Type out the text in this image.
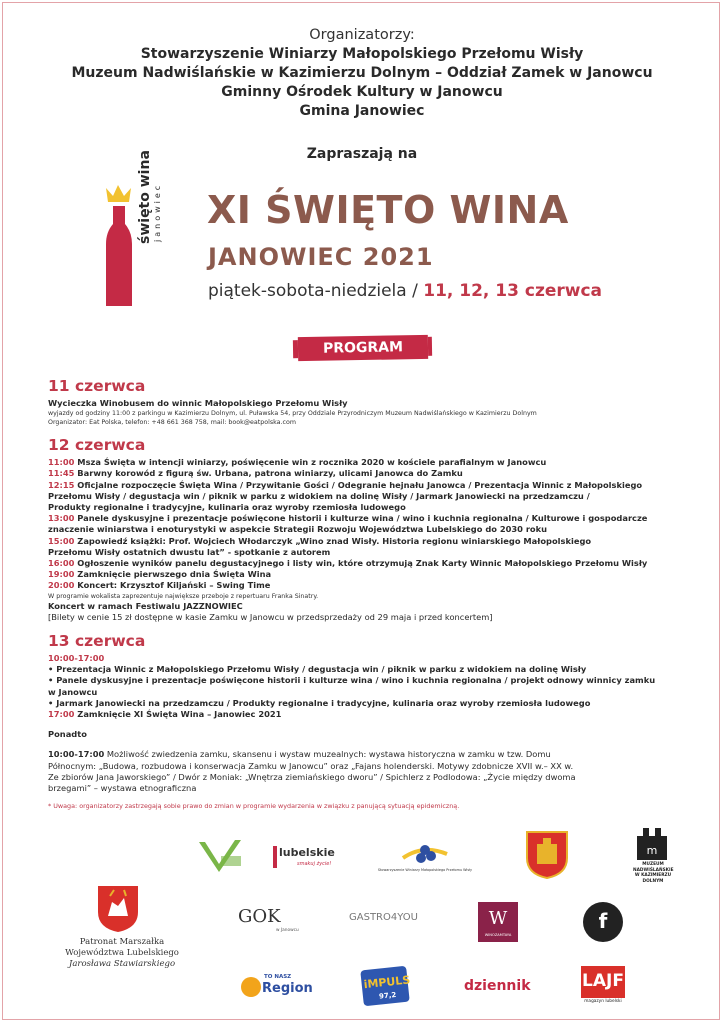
Organizatorzy:
Stowarzyszenie Winiarzy Małopolskiego Przełomu Wisły
Muzeum Nadwiślańskie w Kazimierzu Dolnym – Oddział Zamek w Janowcu
Gminny Ośrodek Kultury w Janowcu
Gmina Janowiec
Zapraszają na
święto wina janowiec XI ŚWIĘTO WINA
JANOWIEC 2021
piątek-sobota-niedziela / 11, 12, 13 czerwca
PROGRAM
11 czerwca
Wycieczka Winobusem do winnic Małopolskiego Przełomu Wisły
wyjazdy od godziny 11:00 z parkingu w Kazimierzu Dolnym, ul. Puławska 54, przy Oddziale Przyrodniczym Muzeum Nadwiślańskiego w Kazimierzu Dolnym
Organizator: Eat Polska, telefon: +48 661 368 758, mail: book@eatpolska.com
12 czerwca
11:00 Msza Święta w intencji winiarzy, poświęcenie win z rocznika 2020 w kościele parafialnym w Janowcu
11:45 Barwny korowód z figurą św. Urbana, patrona winiarzy, ulicami Janowca do Zamku
12:15 Oficjalne rozpoczęcie Święta Wina / Przywitanie Gości / Odegranie hejnału Janowca / Prezentacja Winnic z Małopolskiego
Przełomu Wisły / degustacja win / piknik w parku z widokiem na dolinę Wisły / Jarmark Janowiecki na przedzamczu /
Produkty regionalne i tradycyjne, kulinaria oraz wyroby rzemiosła ludowego
13:00 Panele dyskusyjne i prezentacje poświęcone historii i kulturze wina / wino i kuchnia regionalna / Kulturowe i gospodarcze
znaczenie winiarstwa i enoturystyki w aspekcie Strategii Rozwoju Województwa Lubelskiego do 2030 roku
15:00 Zapowiedź książki: Prof. Wojciech Włodarczyk „Wino znad Wisły. Historia regionu winiarskiego Małopolskiego
Przełomu Wisły ostatnich dwustu lat” - spotkanie z autorem
16:00 Ogłoszenie wyników panelu degustacyjnego i listy win, które otrzymują Znak Karty Winnic Małopolskiego Przełomu Wisły
19:00 Zamknięcie pierwszego dnia Święta Wina
20:00 Koncert: Krzysztof Kiljański – Swing Time
W programie wokalista zaprezentuje największe przeboje z repertuaru Franka Sinatry.
Koncert w ramach Festiwalu JAZZNOWIEC
[Bilety w cenie 15 zł dostępne w kasie Zamku w Janowcu w przedsprzedaży od 29 maja i przed koncertem]
13 czerwca
10:00-17:00
• Prezentacja Winnic z Małopolskiego Przełomu Wisły / degustacja win / piknik w parku z widokiem na dolinę Wisły
• Panele dyskusyjne i prezentacje poświęcone historii i kulturze wina / wino i kuchnia regionalna / projekt odnowy winnicy zamku
w Janowcu
• Jarmark Janowiecki na przedzamczu / Produkty regionalne i tradycyjne, kulinaria oraz wyroby rzemiosła ludowego
17:00 Zamknięcie XI Święta Wina – Janowiec 2021
Ponadto
10:00-17:00 Możliwość zwiedzenia zamku, skansenu i wystaw muzealnych: wystawa historyczna w zamku w tzw. Domu
Północnym: „Budowa, rozbudowa i konserwacja Zamku w Janowcu” oraz „Fajans holenderski. Motywy zdobnicze XVII w.– XX w.
Ze zbiorów Jana Jaworskiego” / Dwór z Moniak: „Wnętrza ziemiańskiego dworu” / Spichlerz z Podlodowa: „Życie między dwoma
brzegami” – wystawa etnograficzna
* Uwaga: organizatorzy zastrzegają sobie prawo do zmian w programie wydarzenia w związku z panującą sytuacją epidemiczną.
lubelskie
smakuj życie!
Stowarzyszenie Winiarzy Małopolskiego Przełomu Wisły
m
MUZEUM NADWIŚLAŃSKIE W KAZIMIERZU DOLNYM
GOK
w Janowcu
GASTRO4YOU	W
WINOZAMTAYA
f
TO NASZ
Region	iMPULS
97,2
dziennik	LAJF
magazyn lubelski
Patronat Marszałka
Województwa Lubelskiego
Jarosława Stawiarskiego
